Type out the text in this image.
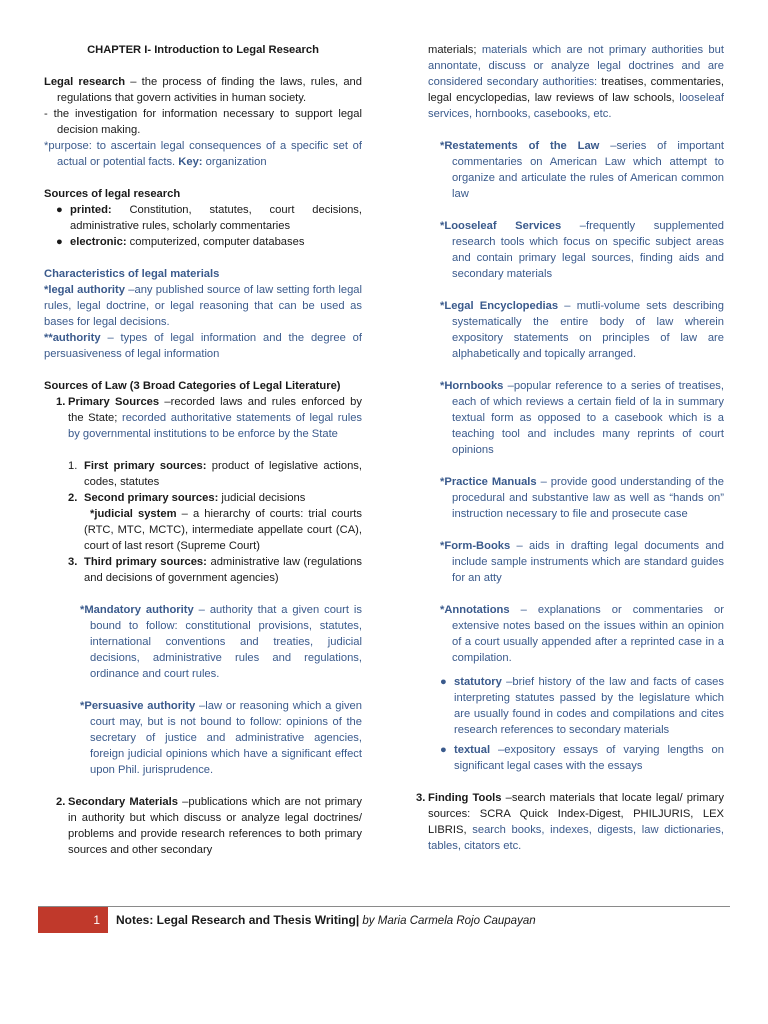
CHAPTER I- Introduction to Legal Research

Legal research – the process of finding the laws, rules, and regulations that govern activities in human society.

- the investigation for information necessary to support legal decision making.

*purpose: to ascertain legal consequences of a specific set of actual or potential facts. Key: organization

Sources of legal research

● printed: Constitution, statutes, court decisions, administrative rules, scholarly commentaries
● electronic: computerized, computer databases

Characteristics of legal materials

*legal authority –any published source of law setting forth legal rules, legal doctrine, or legal reasoning that can be used as bases for legal decisions.

**authority – types of legal information and the degree of persuasiveness of legal information

Sources of Law (3 Broad Categories of Legal Literature)

1. Primary Sources –recorded laws and rules enforced by the State; recorded authoritative statements of legal rules by governmental institutions to be enforce by the State

1. First primary sources: product of legislative actions, codes, statutes

2. Second primary sources: judicial decisions

*judicial system – a hierarchy of courts: trial courts (RTC, MTC, MCTC), intermediate appellate court (CA), court of last resort (Supreme Court)

3. Third primary sources: administrative law (regulations and decisions of government agencies)

*Mandatory authority – authority that a given court is bound to follow: constitutional provisions, statutes, international conventions and treaties, judicial decisions, administrative rules and regulations, ordinance and court rules.

*Persuasive authority –law or reasoning which a given court may, but is not bound to follow: opinions of the secretary of justice and administrative agencies, foreign judicial opinions which have a significant effect upon Phil. jurisprudence.

2. Secondary Materials –publications which are not primary in authority but which discuss or analyze legal doctrines/ problems and provide research references to both primary sources and other secondary

materials; materials which are not primary authorities but annontate, discuss or analyze legal doctrines and are considered secondary authorities: treatises, commentaries, legal encyclopedias, law reviews of law schools, looseleaf services, hornbooks, casebooks, etc.

*Restatements of the Law –series of important commentaries on American Law which attempt to organize and articulate the rules of American common law

*Looseleaf Services –frequently supplemented research tools which focus on specific subject areas and contain primary legal sources, finding aids and secondary materials

*Legal Encyclopedias – mutli-volume sets describing systematically the entire body of law wherein expository statements on principles of law are alphabetically and topically arranged.

*Hornbooks –popular reference to a series of treatises, each of which reviews a certain field of la in summary textual form as opposed to a casebook which is a teaching tool and includes many reprints of court opinions

*Practice Manuals – provide good understanding of the procedural and substantive law as well as “hands on” instruction necessary to file and prosecute case

*Form-Books – aids in drafting legal documents and include sample instruments which are standard guides for an atty

*Annotations – explanations or commentaries or extensive notes based on the issues within an opinion of a court usually appended after a reprinted case in a compilation.

● statutory –brief history of the law and facts of cases interpreting statutes passed by the legislature which are usually found in codes and compilations and cites research references to secondary materials
● textual –expository essays of varying lengths on significant legal cases with the essays

3. Finding Tools –search materials that locate legal/ primary sources: SCRA Quick Index-Digest, PHILJURIS, LEX LIBRIS, search books, indexes, digests, law dictionaries, tables, citators etc.

1	Notes: Legal Research and Thesis Writing| by Maria Carmela Rojo Caupayan
